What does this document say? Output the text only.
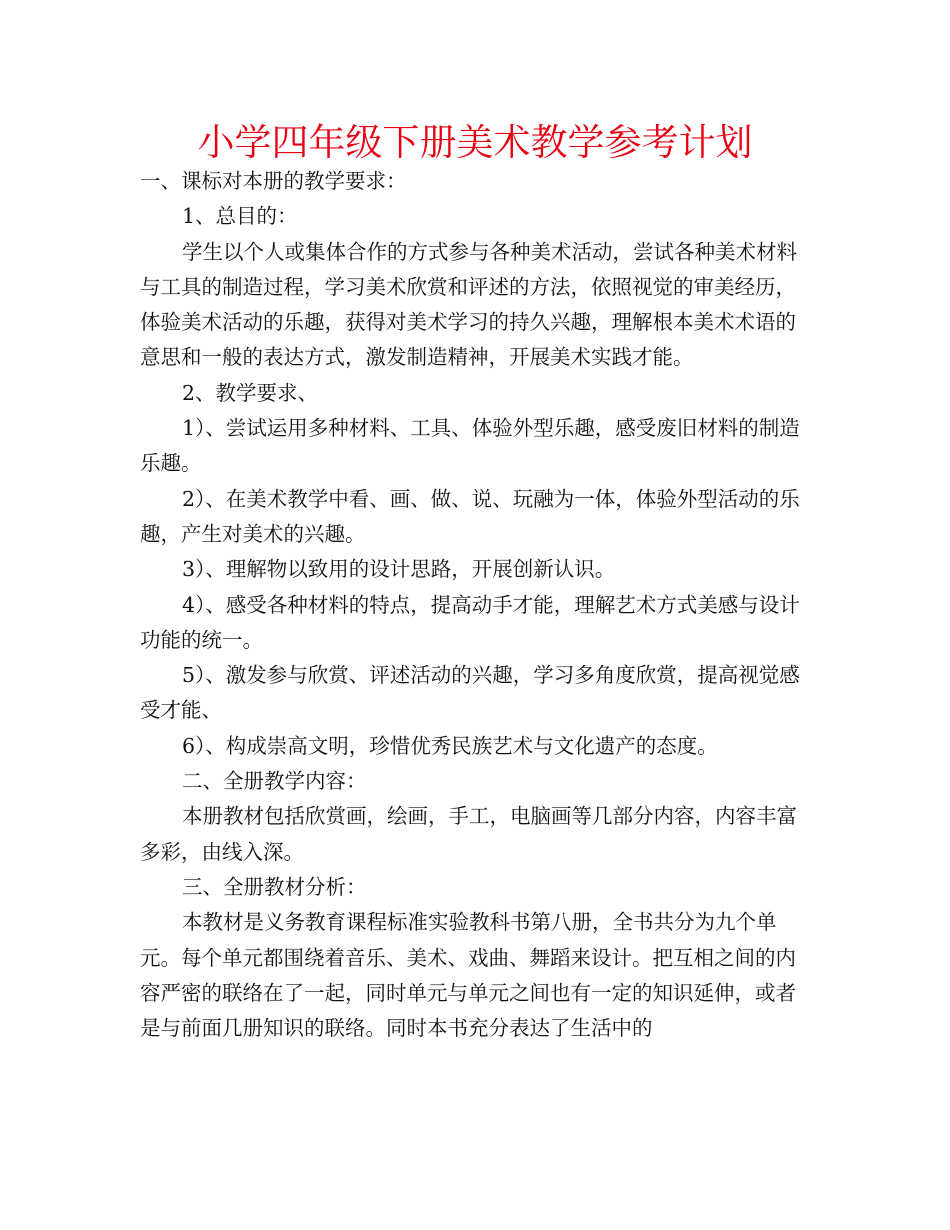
小学四年级下册美术教学参考计划

一、课标对本册的教学要求：

1、总目的：

学生以个人或集体合作的方式参与各种美术活动，尝试各种美术材料与工具的制造过程，学习美术欣赏和评述的方法，依照视觉的审美经历，体验美术活动的乐趣，获得对美术学习的持久兴趣，理解根本美术术语的意思和一般的表达方式，激发制造精神，开展美术实践才能。

2、教学要求、

1）、尝试运用多种材料、工具、体验外型乐趣，感受废旧材料的制造乐趣。

2）、在美术教学中看、画、做、说、玩融为一体，体验外型活动的乐趣，产生对美术的兴趣。

3）、理解物以致用的设计思路，开展创新认识。

4）、感受各种材料的特点，提高动手才能，理解艺术方式美感与设计功能的统一。

5）、激发参与欣赏、评述活动的兴趣，学习多角度欣赏，提高视觉感受才能、

6）、构成崇高文明，珍惜优秀民族艺术与文化遗产的态度。

二、全册教学内容：

本册教材包括欣赏画，绘画，手工，电脑画等几部分内容，内容丰富多彩，由线入深。

三、全册教材分析：

本教材是义务教育课程标准实验教科书第八册，全书共分为九个单元。每个单元都围绕着音乐、美术、戏曲、舞蹈来设计。把互相之间的内容严密的联络在了一起，同时单元与单元之间也有一定的知识延伸，或者是与前面几册知识的联络。同时本书充分表达了生活中的
